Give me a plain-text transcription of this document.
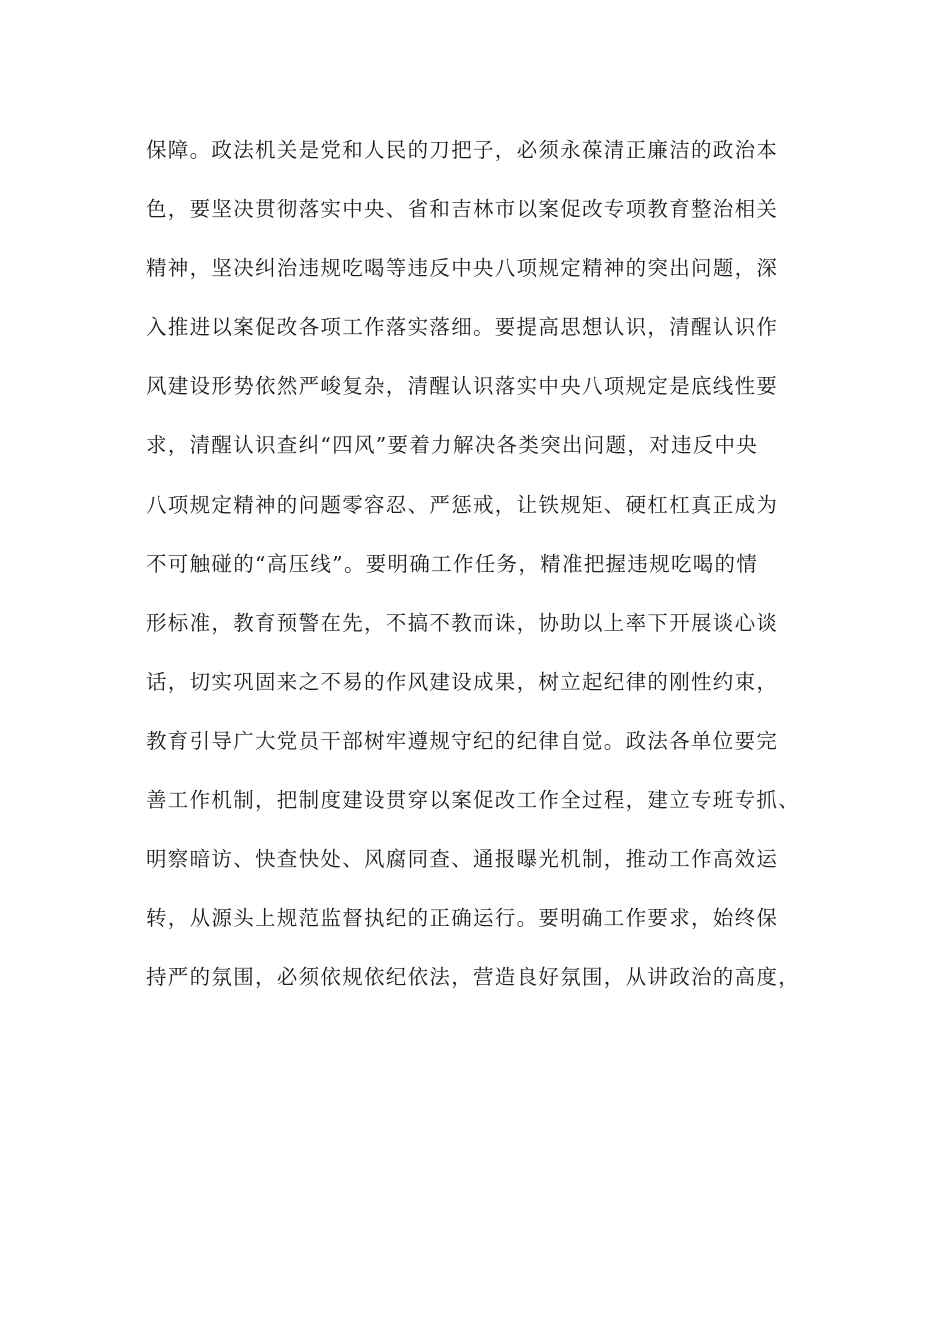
保障。政法机关是党和人民的刀把子，必须永葆清正廉洁的政治本
色，要坚决贯彻落实中央、省和吉林市以案促改专项教育整治相关
精神，坚决纠治违规吃喝等违反中央八项规定精神的突出问题，深
入推进以案促改各项工作落实落细。要提高思想认识，清醒认识作
风建设形势依然严峻复杂，清醒认识落实中央八项规定是底线性要
求，清醒认识查纠“四风”要着力解决各类突出问题，对违反中央
八项规定精神的问题零容忍、严惩戒，让铁规矩、硬杠杠真正成为
不可触碰的“高压线”。要明确工作任务，精准把握违规吃喝的情
形标准，教育预警在先，不搞不教而诛，协助以上率下开展谈心谈
话，切实巩固来之不易的作风建设成果，树立起纪律的刚性约束，
教育引导广大党员干部树牢遵规守纪的纪律自觉。政法各单位要完
善工作机制，把制度建设贯穿以案促改工作全过程，建立专班专抓、
明察暗访、快查快处、风腐同查、通报曝光机制，推动工作高效运
转，从源头上规范监督执纪的正确运行。要明确工作要求，始终保
持严的氛围，必须依规依纪依法，营造良好氛围，从讲政治的高度，
